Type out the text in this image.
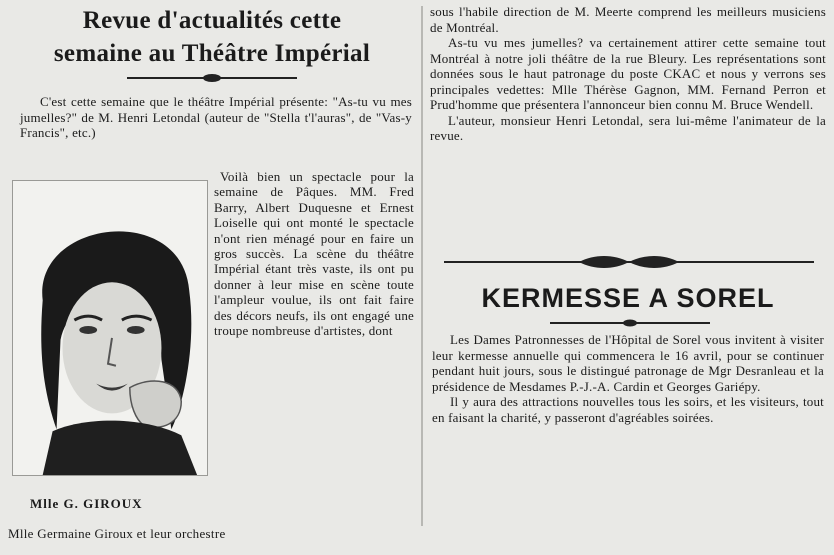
Revue d'actualités cette
semaine au Théâtre Impérial
C'est cette semaine que le théâtre Impérial présente: "As-tu vu mes jumelles?" de M. Henri Letondal (auteur de "Stella t'l'auras", de "Vas-y Francis", etc.)
Voilà bien un spectacle pour la semaine de Pâques. MM. Fred Barry, Albert Duquesne et Ernest Loiselle qui ont monté le spectacle n'ont rien ménagé pour en faire un gros succès. La scène du théâtre Impérial étant très vaste, ils ont pu donner à leur mise en scène toute l'ampleur voulue, ils ont fait faire des décors neufs, ils ont engagé une troupe nombreuse d'artistes, dont
Mlle G. GIROUX
Mlle Germaine Giroux et leur orchestre

sous l'habile direction de M. Meerte comprend les meilleurs musiciens de Montréal.

As-tu vu mes jumelles? va certainement attirer cette semaine tout Montréal à notre joli théâtre de la rue Bleury. Les représentations sont données sous le haut patronage du poste CKAC et nous y verrons ses principales vedettes: Mlle Thérèse Gagnon, MM. Fernand Perron et Prud'homme que présentera l'annonceur bien connu M. Bruce Wendell.

L'auteur, monsieur Henri Letondal, sera lui-même l'animateur de la revue.

KERMESSE A SOREL

Les Dames Patronnesses de l'Hôpital de Sorel vous invitent à visiter leur kermesse annuelle qui commencera le 16 avril, pour se continuer pendant huit jours, sous le distingué patronage de Mgr Desranleau et la présidence de Mesdames P.-J.-A. Cardin et Georges Gariépy.

Il y aura des attractions nouvelles tous les soirs, et les visiteurs, tout en faisant la charité, y passeront d'agréables soirées.
